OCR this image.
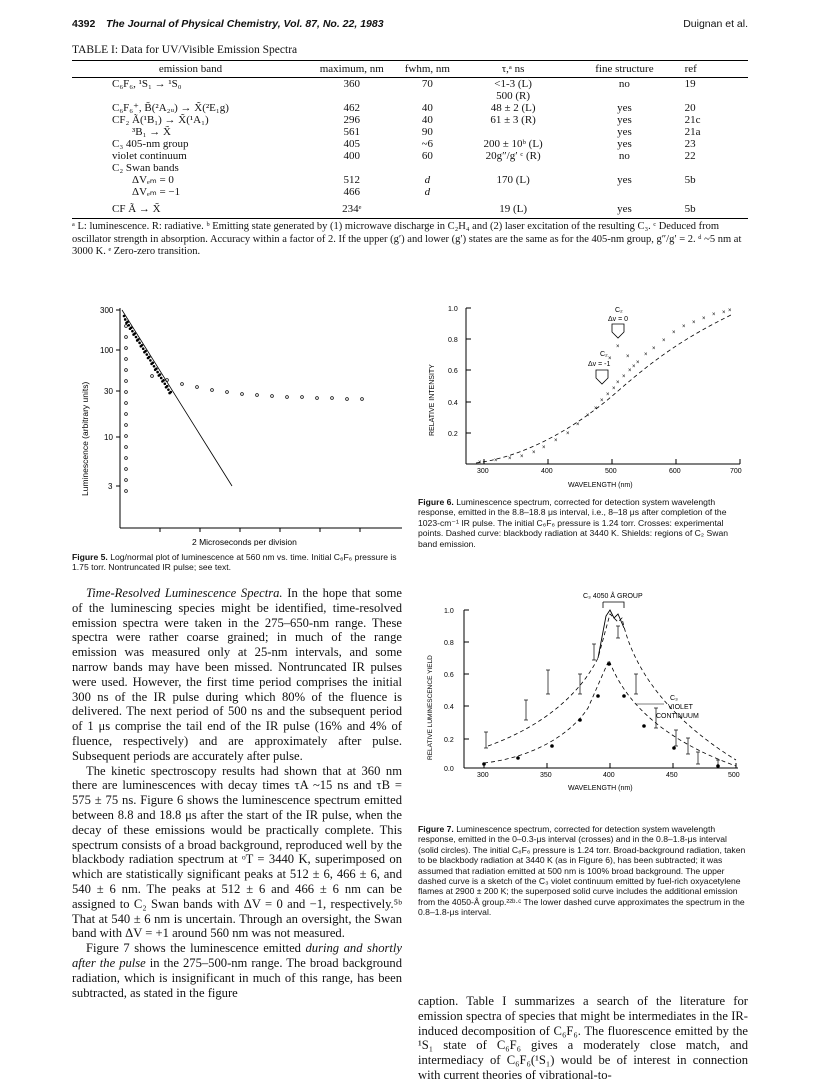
4392 The Journal of Physical Chemistry, Vol. 87, No. 22, 1983	Duignan et al.
TABLE I: Data for UV/Visible Emission Spectra
emission band	maximum, nm	fwhm, nm	τ,ᵃ ns	fine structure	ref
C₆F₆, ¹S₁ → ¹S₀	360	70	<1-3 (L)	no	19
			500 (R)		
C₆F₆⁺, B̃(²A₂ᵤ) → X̃(²E₁g)	462	40	48 ± 2 (L)	yes	20
CF₂ Ã(¹B₁) → X̃(¹A₁)	296	40	61 ± 3 (R)	yes	21c
³B₁ → X̃	561	90		yes	21a
C₃ 405-nm group	405	~6	200 ± 10ᵇ (L)	yes	23
violet continuum	400	60	20g″/g′ ᶜ (R)	no	22
C₂ Swan bands					
ΔVₑₘ = 0	512	d	170 (L)	yes	5b
ΔVₑₘ = −1	466	d			
CF Ã → X̃	234ᵉ		19 (L)	yes	5b
ᵃ L: luminescence. R: radiative. ᵇ Emitting state generated by (1) microwave discharge in C₂H₄ and (2) laser excitation of the resulting C₃. ᶜ Deduced from oscillator strength in absorption. Accuracy within a factor of 2. If the upper (g′) and lower (g′) states are the same as for the 405-nm group, g″/g′ = 2. ᵈ ~5 nm at 3000 K. ᵉ Zero-zero transition.
300
100
30
10
3
Luminescence (arbitrary units)
2 Microseconds per division
Figure 5. Log/normal plot of luminescence at 560 nm vs. time. Initial C₆F₆ pressure is 1.75 torr. Nontruncated IR pulse; see text.
0.2
0.4
0.6
0.8
1.0
300	400	500	600	700
RELATIVE INTENSITY
WAVELENGTH (nm)
× × × ×
×
×
×
×
×
×
×
×
×
×
×
×
×
×
×
×
×
×
×
×
×
× × ×
×
×
×
×
C₂
Δv = 0
C₂
Δv = -1
Figure 6. Luminescence spectrum, corrected for detection system wavelength response, emitted in the 8.8–18.8 μs interval, i.e., 8–18 μs after completion of the 1023-cm⁻¹ IR pulse. The initial C₆F₆ pressure is 1.24 torr. Crosses: experimental points. Dashed curve: blackbody radiation at 3440 K. Shields: regions of C₂ Swan band emission.
C₃ 4050 Å GROUP
0.0
0.2
0.4
0.6
0.8
1.0
300	350	400	450	500
RELATIVE LUMINESCENCE YIELD
WAVELENGTH (nm)
C₃
VIOLET
CONTINUUM
Figure 7. Luminescence spectrum, corrected for detection system wavelength response, emitted in the 0–0.3-μs interval (crosses) and in the 0.8–1.8-μs interval (solid circles). The initial C₆F₆ pressure is 1.24 torr. Broad-background radiation, taken to be blackbody radiation at 3440 K (as in Figure 6), has been subtracted; it was assumed that radiation emitted at 500 nm is 100% broad background. The upper dashed curve is a sketch of the C₃ violet continuum emitted by fuel-rich oxyacetylene flames at 2900 ± 200 K; the superposed solid curve includes the additional emission from the 4050-Å group.²²ᵇ·ᶜ The lower dashed curve approximates the spectrum in the 0.8–1.8-μs interval.

Time-Resolved Luminescence Spectra. In the hope that some of the luminescing species might be identified, time-resolved emission spectra were taken in the 275–650-nm range. These spectra were rather coarse grained; in much of the range emission was measured only at 25-nm intervals, and some narrow bands may have been missed. Nontruncated IR pulses were used. However, the first time period comprises the initial 300 ns of the IR pulse during which 80% of the fluence is delivered. The next period of 500 ns and the subsequent period of 1 μs comprise the tail end of the IR pulse (16% and 4% of fluence, respectively) and are approximately after pulse. Subsequent periods are accurately after pulse.

The kinetic spectroscopy results had shown that at 360 nm there are luminescences with decay times τA ~15 ns and τB = 575 ± 75 ns. Figure 6 shows the luminescence spectrum emitted between 8.8 and 18.8 μs after the start of the IR pulse, when the decay of these emissions would be practically complete. This spectrum consists of a broad background, reproduced well by the blackbody radiation spectrum at ᵒT = 3440 K, superimposed on which are statistically significant peaks at 512 ± 6, 466 ± 6, and 540 ± 6 nm. The peaks at 512 ± 6 and 466 ± 6 nm can be assigned to C₂ Swan bands with ΔV = 0 and −1, respectively.⁵ᵇ That at 540 ± 6 nm is uncertain. Through an oversight, the Swan band with ΔV = +1 around 560 nm was not measured.

Figure 7 shows the luminescence emitted during and shortly after the pulse in the 275–500-nm range. The broad background radiation, which is insignificant in much of this range, has been subtracted, as stated in the figure

caption. Table I summarizes a search of the literature for emission spectra of species that might be intermediates in the IR-induced decomposition of C₆F₆. The fluorescence emitted by the ¹S₁ state of C₆F₆ gives a moderately close match, and intermediacy of C₆F₆(¹S₁) would be of interest in connection with current theories of vibrational-to-
